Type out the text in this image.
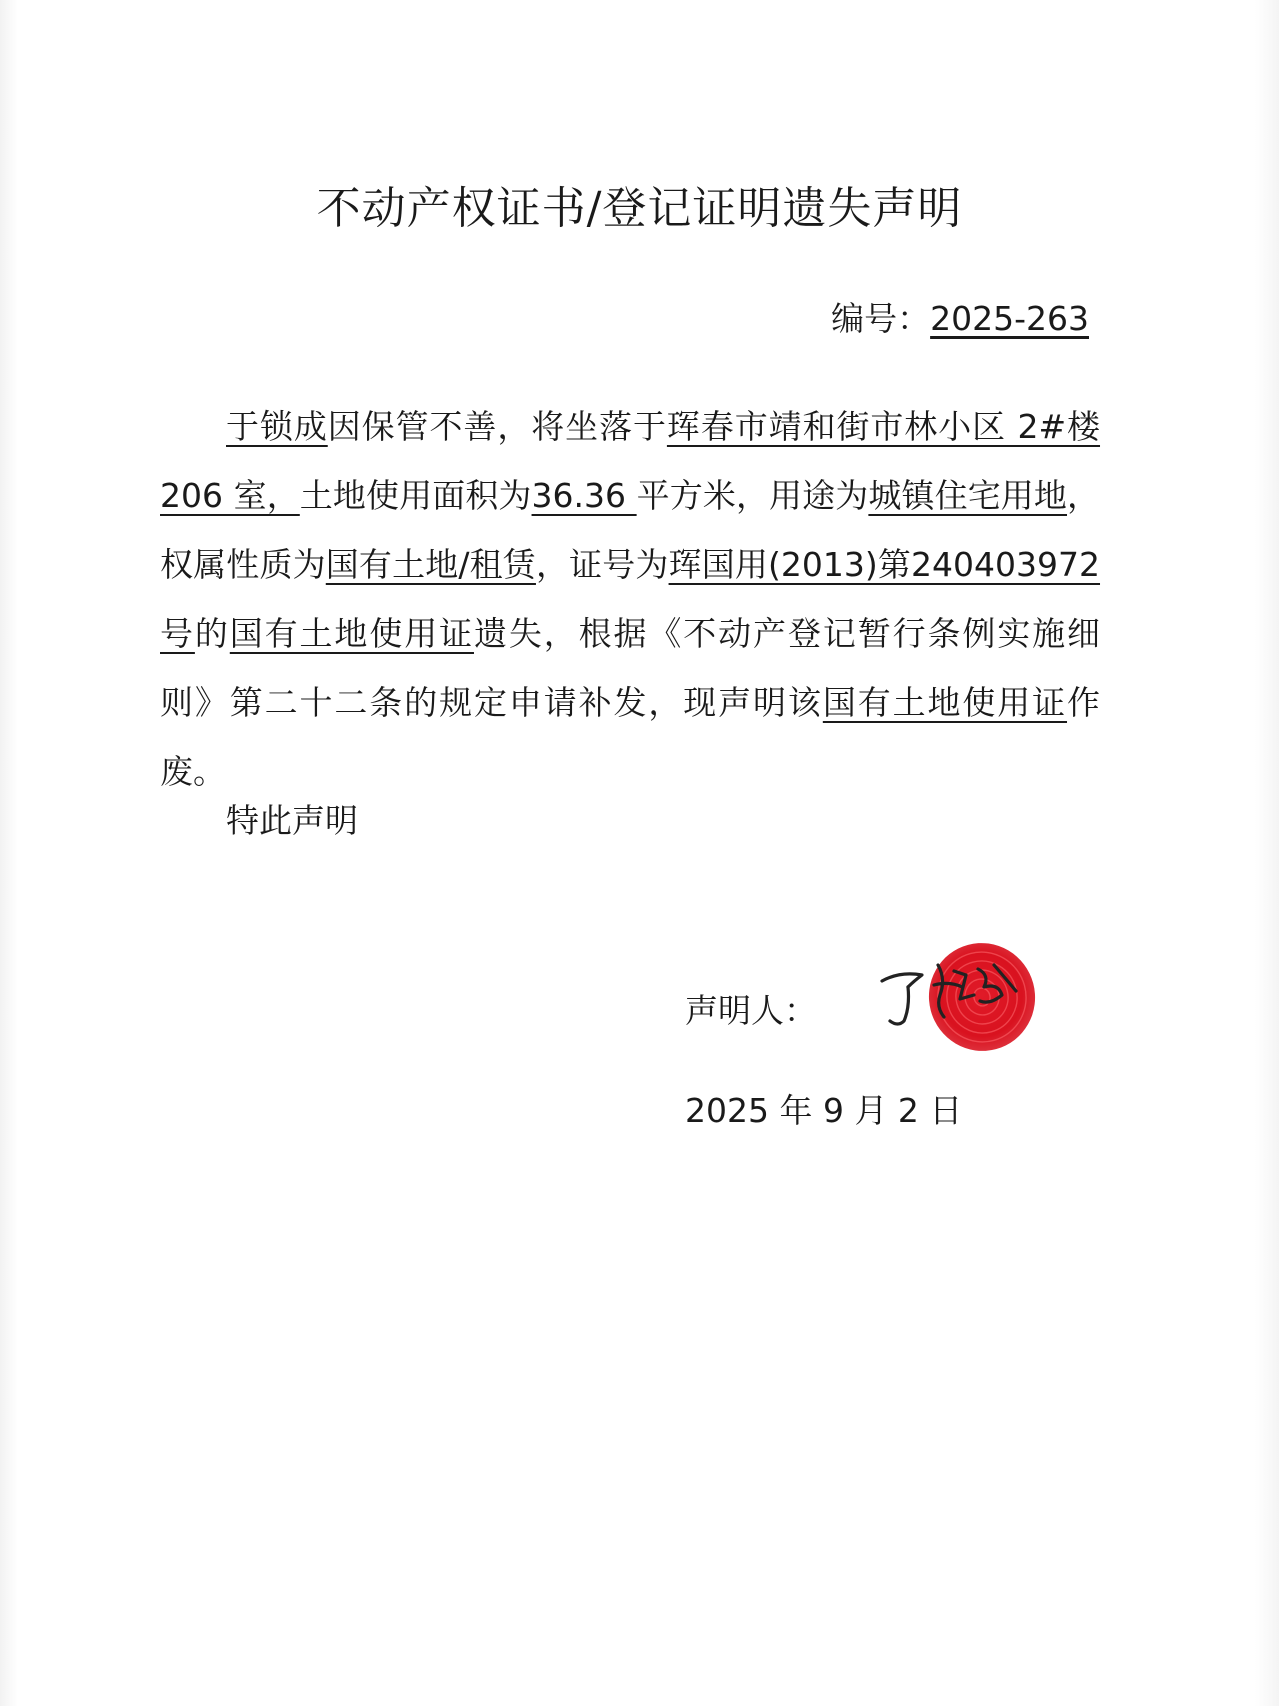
不动产权证书/登记证明遗失声明
编号：2025-263
于锁成因保管不善，将坐落于珲春市靖和街市林小区 2#楼 206 室，土地使用面积为36.36 平方米，用途为城镇住宅用地，权属性质为国有土地/租赁，证号为珲国用(2013)第240403972 号的国有土地使用证遗失，根据《不动产登记暂行条例实施细则》第二十二条的规定申请补发，现声明该国有土地使用证作废。
特此声明
声明人：
2025 年 9 月 2 日
